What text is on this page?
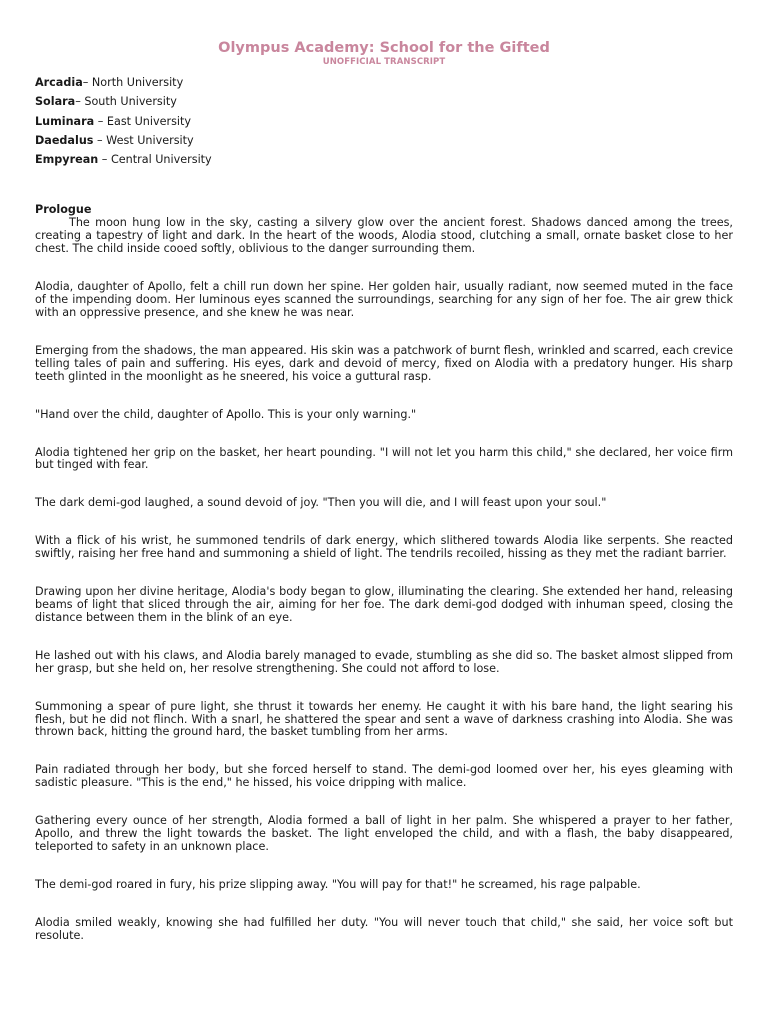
Olympus Academy: School for the Gifted

UNOFFICIAL TRANSCRIPT

Arcadia– North University

Solara– South University

Luminara – East University

Daedalus – West University

Empyrean – Central University

Prologue

The moon hung low in the sky, casting a silvery glow over the ancient forest. Shadows danced among the trees, creating a tapestry of light and dark. In the heart of the woods, Alodia stood, clutching a small, ornate basket close to her chest. The child inside cooed softly, oblivious to the danger surrounding them.

Alodia, daughter of Apollo, felt a chill run down her spine. Her golden hair, usually radiant, now seemed muted in the face of the impending doom. Her luminous eyes scanned the surroundings, searching for any sign of her foe. The air grew thick with an oppressive presence, and she knew he was near.

Emerging from the shadows, the man appeared. His skin was a patchwork of burnt flesh, wrinkled and scarred, each crevice telling tales of pain and suffering. His eyes, dark and devoid of mercy, fixed on Alodia with a predatory hunger. His sharp teeth glinted in the moonlight as he sneered, his voice a guttural rasp.

"Hand over the child, daughter of Apollo. This is your only warning."

Alodia tightened her grip on the basket, her heart pounding. "I will not let you harm this child," she declared, her voice firm but tinged with fear.

The dark demi-god laughed, a sound devoid of joy. "Then you will die, and I will feast upon your soul."

With a flick of his wrist, he summoned tendrils of dark energy, which slithered towards Alodia like serpents. She reacted swiftly, raising her free hand and summoning a shield of light. The tendrils recoiled, hissing as they met the radiant barrier.

Drawing upon her divine heritage, Alodia's body began to glow, illuminating the clearing. She extended her hand, releasing beams of light that sliced through the air, aiming for her foe. The dark demi-god dodged with inhuman speed, closing the distance between them in the blink of an eye.

He lashed out with his claws, and Alodia barely managed to evade, stumbling as she did so. The basket almost slipped from her grasp, but she held on, her resolve strengthening. She could not afford to lose.

Summoning a spear of pure light, she thrust it towards her enemy. He caught it with his bare hand, the light searing his flesh, but he did not flinch. With a snarl, he shattered the spear and sent a wave of darkness crashing into Alodia. She was thrown back, hitting the ground hard, the basket tumbling from her arms.

Pain radiated through her body, but she forced herself to stand. The demi-god loomed over her, his eyes gleaming with sadistic pleasure. "This is the end," he hissed, his voice dripping with malice.

Gathering every ounce of her strength, Alodia formed a ball of light in her palm. She whispered a prayer to her father, Apollo, and threw the light towards the basket. The light enveloped the child, and with a flash, the baby disappeared, teleported to safety in an unknown place.

The demi-god roared in fury, his prize slipping away. "You will pay for that!" he screamed, his rage palpable.

Alodia smiled weakly, knowing she had fulfilled her duty. "You will never touch that child," she said, her voice soft but resolute.
